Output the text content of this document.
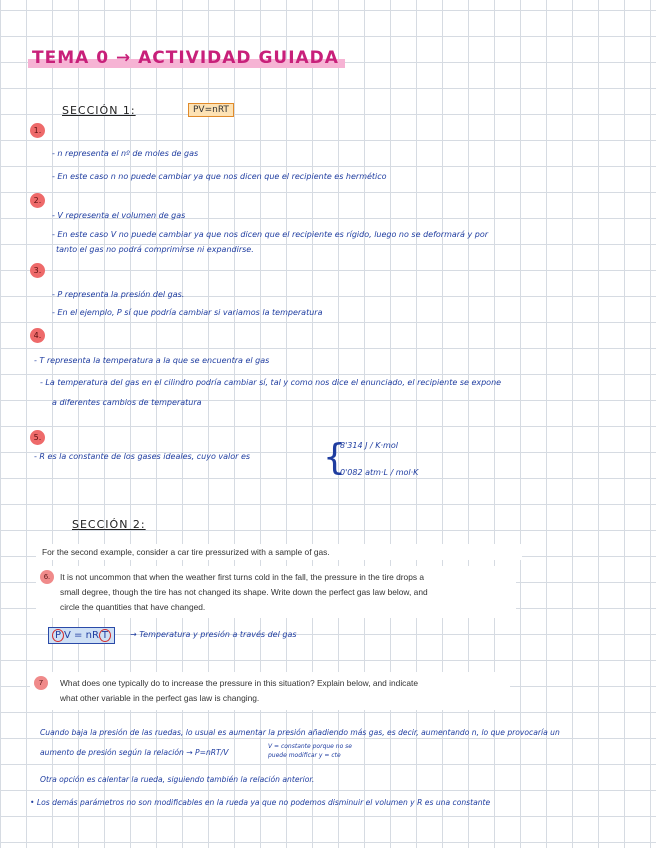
TEMA 0 → ACTIVIDAD GUIADA
SECCIÓN 1:	PV=nRT
1.
- n representa el nº de moles de gas
- En este caso n no puede cambiar ya que nos dicen que el recipiente es hermético
2.
- V representa el volumen de gas
- En este caso V no puede cambiar ya que nos dicen que el recipiente es rígido, luego no se deformará y por
tanto el gas no podrá comprimirse ni expandirse.
3.
- P representa la presión del gas.
- En el ejemplo, P sí que podría cambiar si variamos la temperatura
4.
- T representa la temperatura a la que se encuentra el gas
- La temperatura del gas en el cilindro podría cambiar sí, tal y como nos dice el enunciado, el recipiente se expone
a diferentes cambios de temperatura
5.
- R es la constante de los gases ideales, cuyo valor es {
8'314 J / K·mol
0'082 atm·L / mol·K
SECCIÓN 2:
For the second example, consider a car tire pressurized with a sample of gas.
6.	It is not uncommon that when the weather first turns cold in the fall, the pressure in the tire drops a
small degree, though the tire has not changed its shape. Write down the perfect gas law below, and
circle the quantities that have changed.
P V = nR T	→ Temperatura y presión a través del gas
7	What does one typically do to increase the pressure in this situation? Explain below, and indicate
what other variable in the perfect gas law is changing.
Cuando baja la presión de las ruedas, lo usual es aumentar la presión añadiendo más gas, es decir, aumentando n, lo que provocaría un
aumento de presión según la relación → P=nRT/V
V = constante porque no se
puede modificar y = cte
Otra opción es calentar la rueda, siguiendo también la relación anterior.
• Los demás parámetros no son modificables en la rueda ya que no podemos disminuir el volumen y R es una constante
